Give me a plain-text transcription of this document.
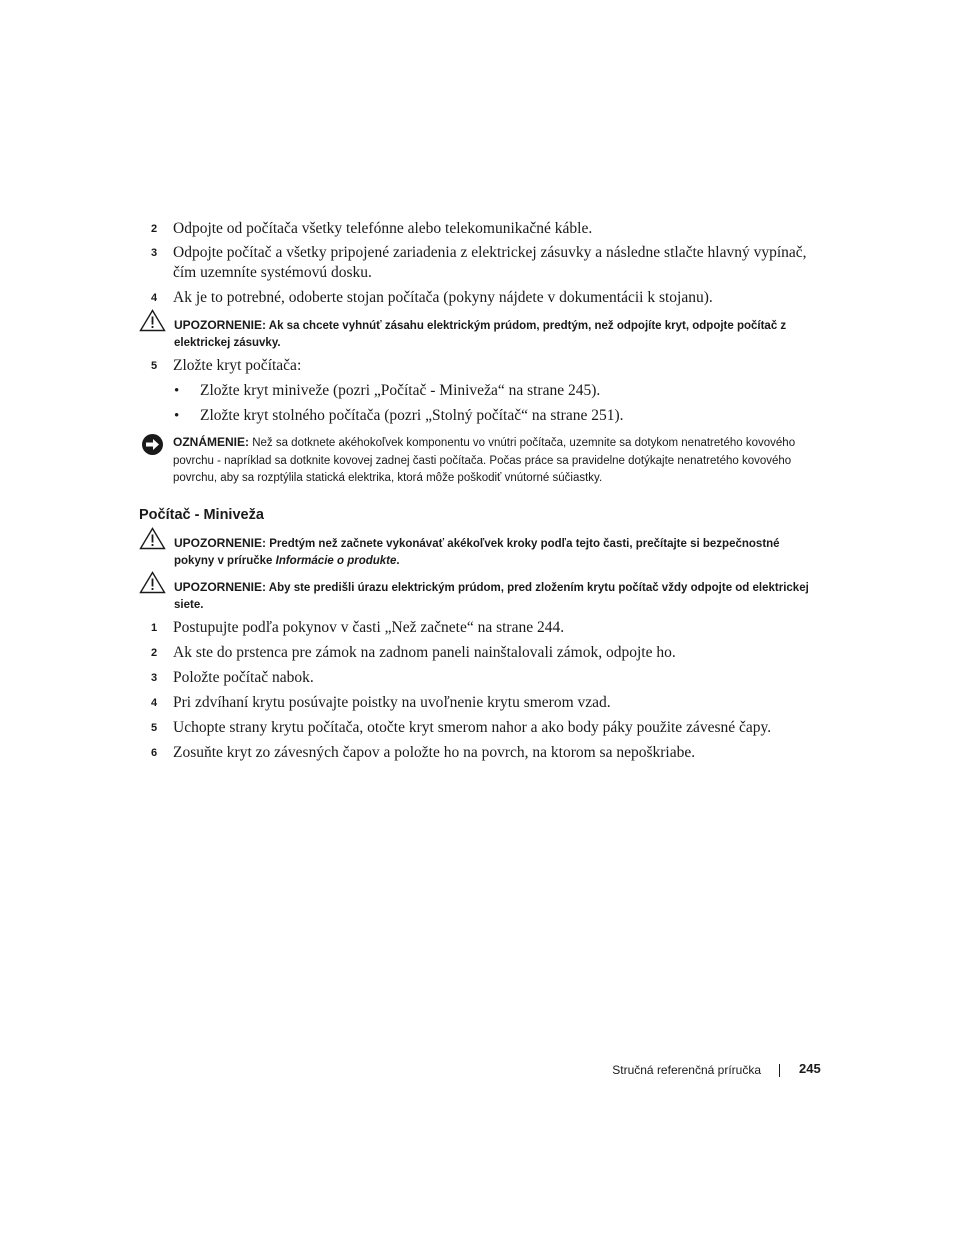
2	Odpojte od počítača všetky telefónne alebo telekomunikačné káble.
3	Odpojte počítač a všetky pripojené zariadenia z elektrickej zásuvky a následne stlačte hlavný vypínač, čím uzemníte systémovú dosku.
4	Ak je to potrebné, odoberte stojan počítača (pokyny nájdete v dokumentácii k stojanu).
UPOZORNENIE: Ak sa chcete vyhnúť zásahu elektrickým prúdom, predtým, než odpojíte kryt, odpojte počítač z elektrickej zásuvky.
5	Zložte kryt počítača:
• Zložte kryt miniveže (pozri „Počítač - Miniveža“ na strane 245).
• Zložte kryt stolného počítača (pozri „Stolný počítač“ na strane 251).
OZNÁMENIE: Než sa dotknete akéhokoľvek komponentu vo vnútri počítača, uzemnite sa dotykom nenatretého kovového povrchu - napríklad sa dotknite kovovej zadnej časti počítača. Počas práce sa pravidelne dotýkajte nenatretého kovového povrchu, aby sa rozptýlila statická elektrika, ktorá môže poškodiť vnútorné súčiastky.
Počítač - Miniveža
UPOZORNENIE: Predtým než začnete vykonávať akékoľvek kroky podľa tejto časti, prečítajte si bezpečnostné pokyny v príručke Informácie o produkte.
UPOZORNENIE: Aby ste predišli úrazu elektrickým prúdom, pred zložením krytu počítač vždy odpojte od elektrickej siete.
1	Postupujte podľa pokynov v časti „Než začnete“ na strane 244.
2	Ak ste do prstenca pre zámok na zadnom paneli nainštalovali zámok, odpojte ho.
3	Položte počítač nabok.
4	Pri zdvíhaní krytu posúvajte poistky na uvoľnenie krytu smerom vzad.
5	Uchopte strany krytu počítača, otočte kryt smerom nahor a ako body páky použite závesné čapy.
6	Zosuňte kryt zo závesných čapov a položte ho na povrch, na ktorom sa nepoškriabe.
Stručná referenčná príručka	245
